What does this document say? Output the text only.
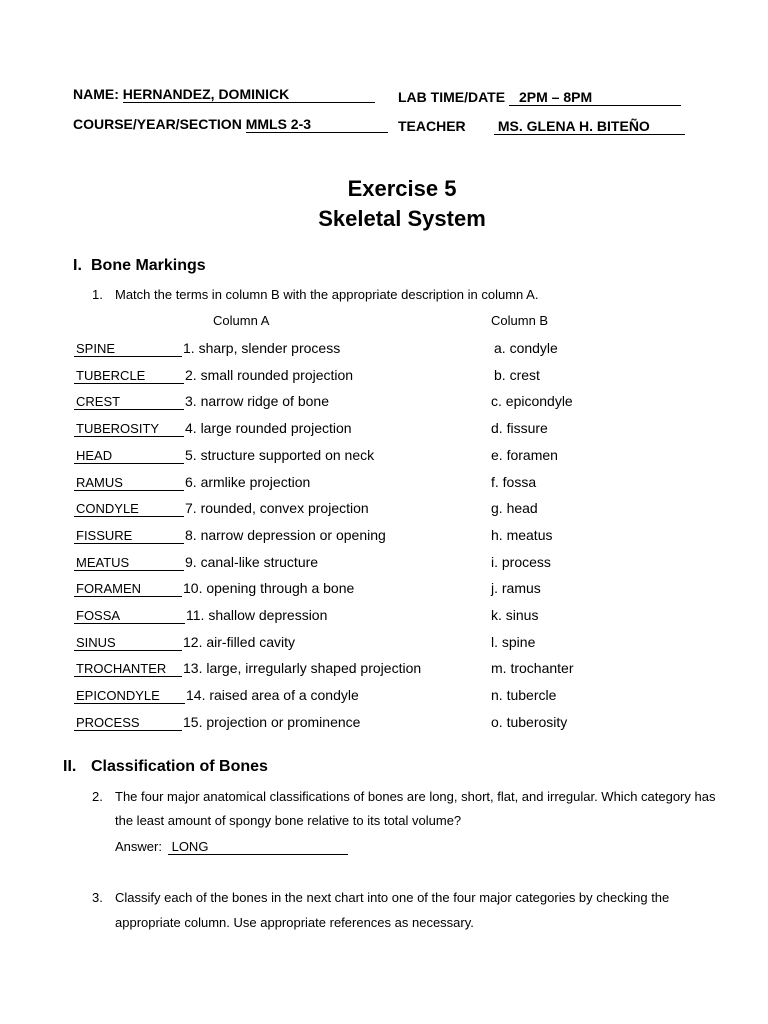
NAME: HERNANDEZ, DOMINICK
COURSE/YEAR/SECTION MMLS 2-3
LAB TIME/DATE 2PM – 8PM
TEACHER MS. GLENA H. BITEÑO
Exercise 5
Skeletal System
I. Bone Markings
1. Match the terms in column B with the appropriate description in column A.
Column A	Column B
SPINE	1. sharp, slender process	a. condyle
TUBERCLE	2. small rounded projection	b. crest
CREST	3. narrow ridge of bone	c. epicondyle
TUBEROSITY	4. large rounded projection	d. fissure
HEAD	5. structure supported on neck	e. foramen
RAMUS	6. armlike projection	f. fossa
CONDYLE	7. rounded, convex projection	g. head
FISSURE	8. narrow depression or opening	h. meatus
MEATUS	9. canal-like structure	i. process
FORAMEN	10. opening through a bone	j. ramus
FOSSA	11. shallow depression	k. sinus
SINUS	12. air-filled cavity	l. spine
TROCHANTER	13. large, irregularly shaped projection	m. trochanter
EPICONDYLE	14. raised area of a condyle	n. tubercle
PROCESS	15. projection or prominence	o. tuberosity
II. Classification of Bones
2. The four major anatomical classifications of bones are long, short, flat, and irregular. Which category has
the least amount of spongy bone relative to its total volume?
Answer: LONG
3. Classify each of the bones in the next chart into one of the four major categories by checking the
appropriate column. Use appropriate references as necessary.
